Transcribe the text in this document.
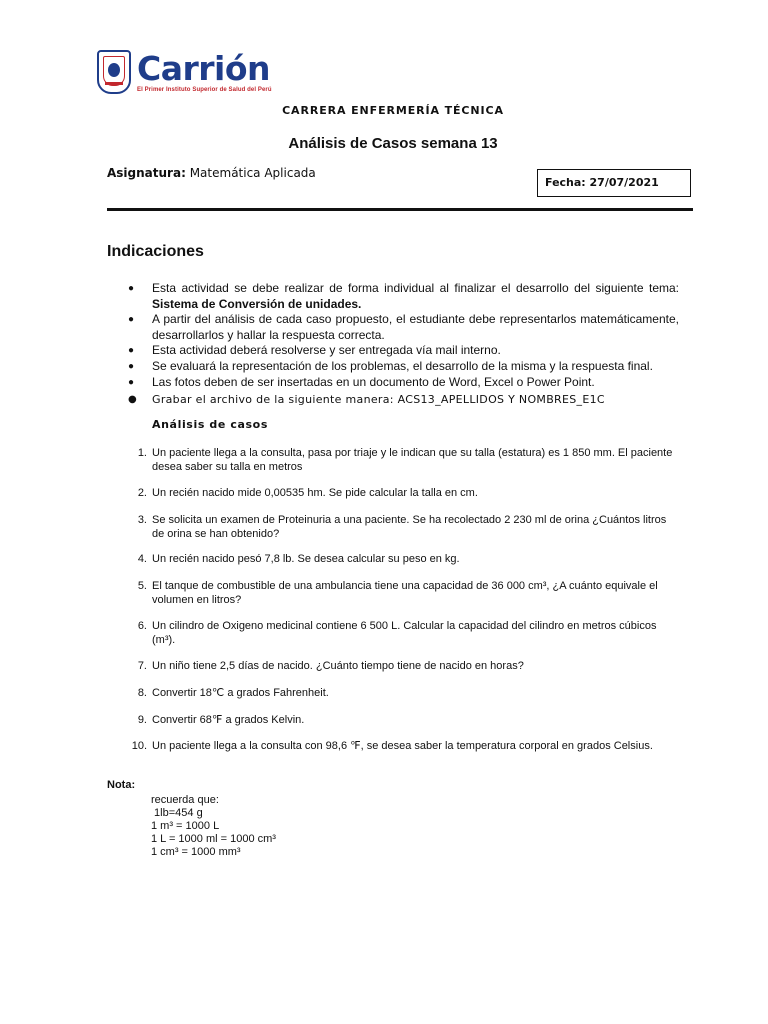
Carrión
El Primer Instituto Superior de Salud del Perú
CARRERA ENFERMERÍA TÉCNICA
Análisis de Casos semana 13
Asignatura: Matemática Aplicada
Fecha: 27/07/2021
Indicaciones
● Esta actividad se debe realizar de forma individual al finalizar el desarrollo del siguiente tema: Sistema de Conversión de unidades.
● A partir del análisis de cada caso propuesto, el estudiante debe representarlos matemáticamente, desarrollarlos y hallar la respuesta correcta.
● Esta actividad deberá resolverse y ser entregada vía mail interno.
● Se evaluará la representación de los problemas, el desarrollo de la misma y la respuesta final.
● Las fotos deben de ser insertadas en un documento de Word, Excel o Power Point.
● Grabar el archivo de la siguiente manera: ACS13_APELLIDOS Y NOMBRES_E1C
Análisis de casos
1. Un paciente llega a la consulta, pasa por triaje y le indican que su talla (estatura) es 1 850 mm. El paciente desea saber su talla en metros
2. Un recién nacido mide 0,00535 hm. Se pide calcular la talla en cm.
3. Se solicita un examen de Proteinuria a una paciente. Se ha recolectado 2 230 ml de orina ¿Cuántos litros de orina se han obtenido?
4. Un recién nacido pesó 7,8 lb. Se desea calcular su peso en kg.
5. El tanque de combustible de una ambulancia tiene una capacidad de 36 000 cm³, ¿A cuánto equivale el volumen en litros?
6. Un cilindro de Oxigeno medicinal contiene 6 500 L. Calcular la capacidad del cilindro en metros cúbicos (m³).
7. Un niño tiene 2,5 días de nacido. ¿Cuánto tiempo tiene de nacido en horas?
8. Convertir 18℃ a grados Fahrenheit.
9. Convertir 68℉ a grados Kelvin.
10. Un paciente llega a la consulta con 98,6 ℉, se desea saber la temperatura corporal en grados Celsius.
Nota:
recuerda que:
1lb=454 g
1 m³ = 1000 L
1 L = 1000 ml = 1000 cm³
1 cm³ = 1000 mm³
